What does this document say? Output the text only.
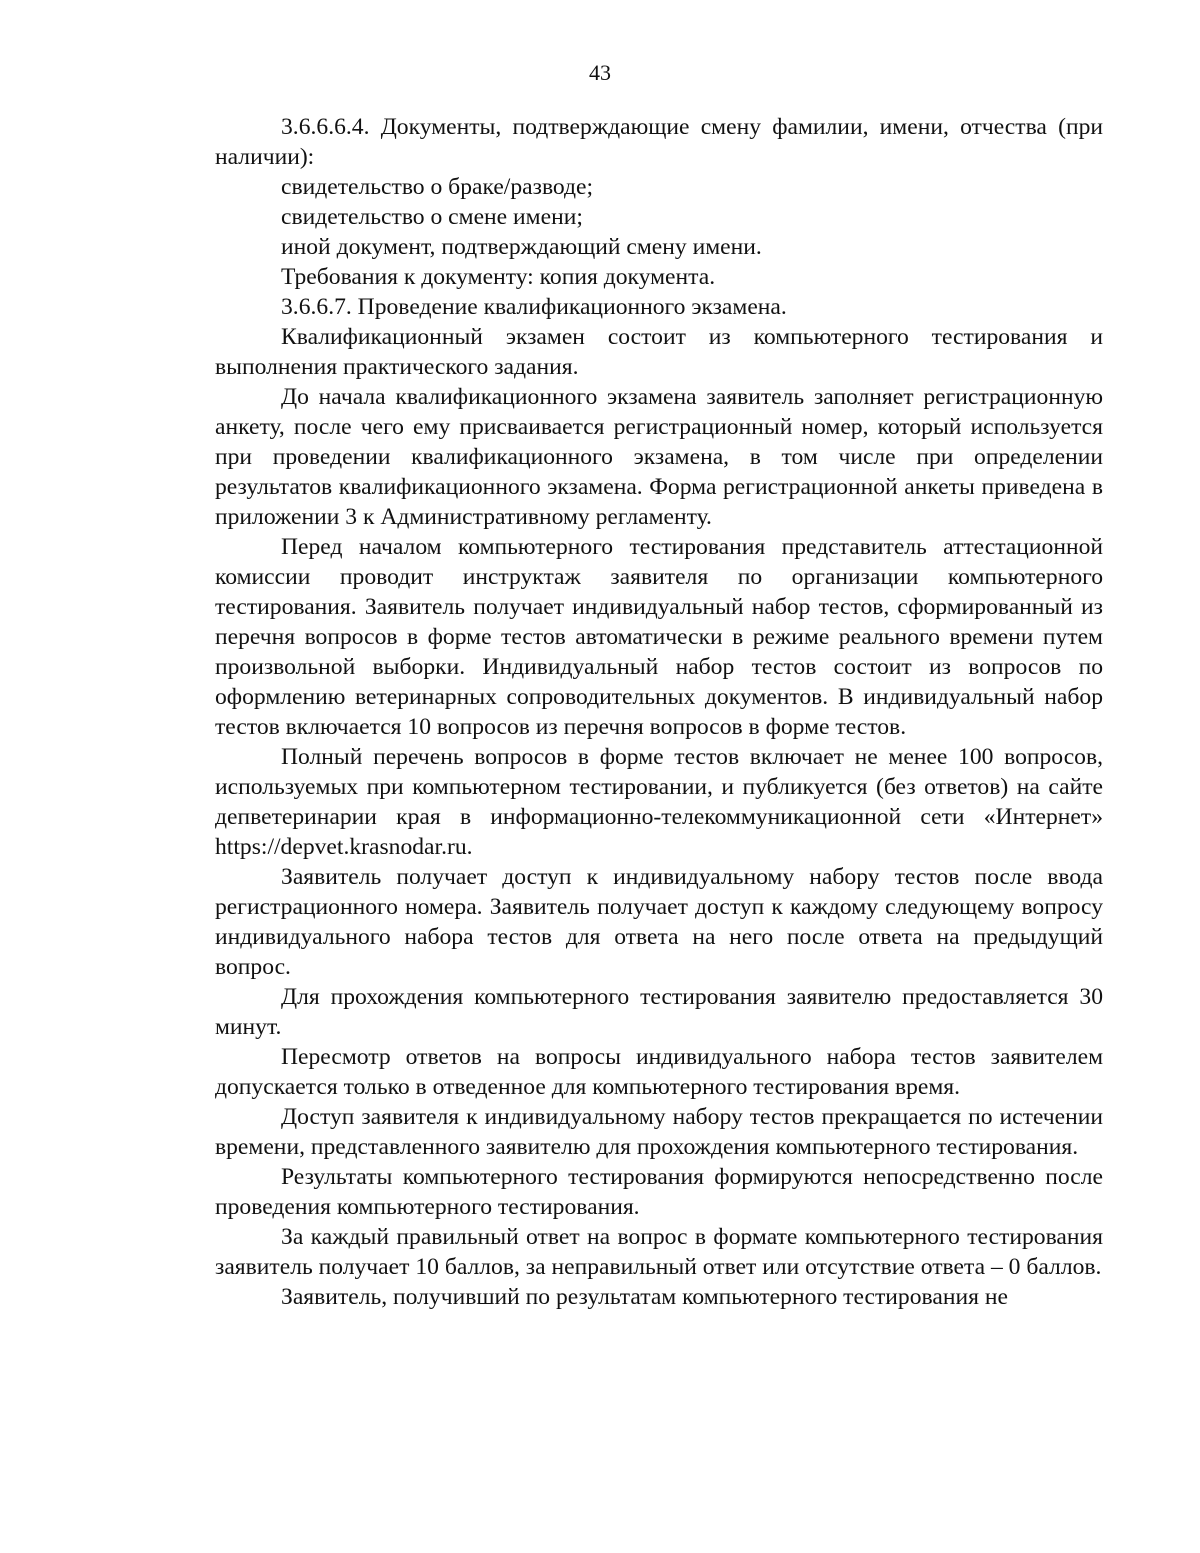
43

3.6.6.6.4. Документы, подтверждающие смену фамилии, имени, отчества (при наличии):

свидетельство о браке/разводе;

свидетельство о смене имени;

иной документ, подтверждающий смену имени.

Требования к документу: копия документа.

3.6.6.7. Проведение квалификационного экзамена.

Квалификационный экзамен состоит из компьютерного тестирования и выполнения практического задания.

До начала квалификационного экзамена заявитель заполняет регистрационную анкету, после чего ему присваивается регистрационный номер, который используется при проведении квалификационного экзамена, в том числе при определении результатов квалификационного экзамена. Форма регистрационной анкеты приведена в приложении 3 к Административному регламенту.

Перед началом компьютерного тестирования представитель аттестационной комиссии проводит инструктаж заявителя по организации компьютерного тестирования. Заявитель получает индивидуальный набор тестов, сформированный из перечня вопросов в форме тестов автоматически в режиме реального времени путем произвольной выборки. Индивидуальный набор тестов состоит из вопросов по оформлению ветеринарных сопроводительных документов. В индивидуальный набор тестов включается 10 вопросов из перечня вопросов в форме тестов.

Полный перечень вопросов в форме тестов включает не менее 100 вопросов, используемых при компьютерном тестировании, и публикуется (без ответов) на сайте депветеринарии края в информационно-телекоммуникационной сети «Интернет» https://depvet.krasnodar.ru.

Заявитель получает доступ к индивидуальному набору тестов после ввода регистрационного номера. Заявитель получает доступ к каждому следующему вопросу индивидуального набора тестов для ответа на него после ответа на предыдущий вопрос.

Для прохождения компьютерного тестирования заявителю предоставляется 30 минут.

Пересмотр ответов на вопросы индивидуального набора тестов заявителем допускается только в отведенное для компьютерного тестирования время.

Доступ заявителя к индивидуальному набору тестов прекращается по истечении времени, представленного заявителю для прохождения компьютерного тестирования.

Результаты компьютерного тестирования формируются непосредственно после проведения компьютерного тестирования.

За каждый правильный ответ на вопрос в формате компьютерного тестирования заявитель получает 10 баллов, за неправильный ответ или отсутствие ответа – 0 баллов.

Заявитель, получивший по результатам компьютерного тестирования не
